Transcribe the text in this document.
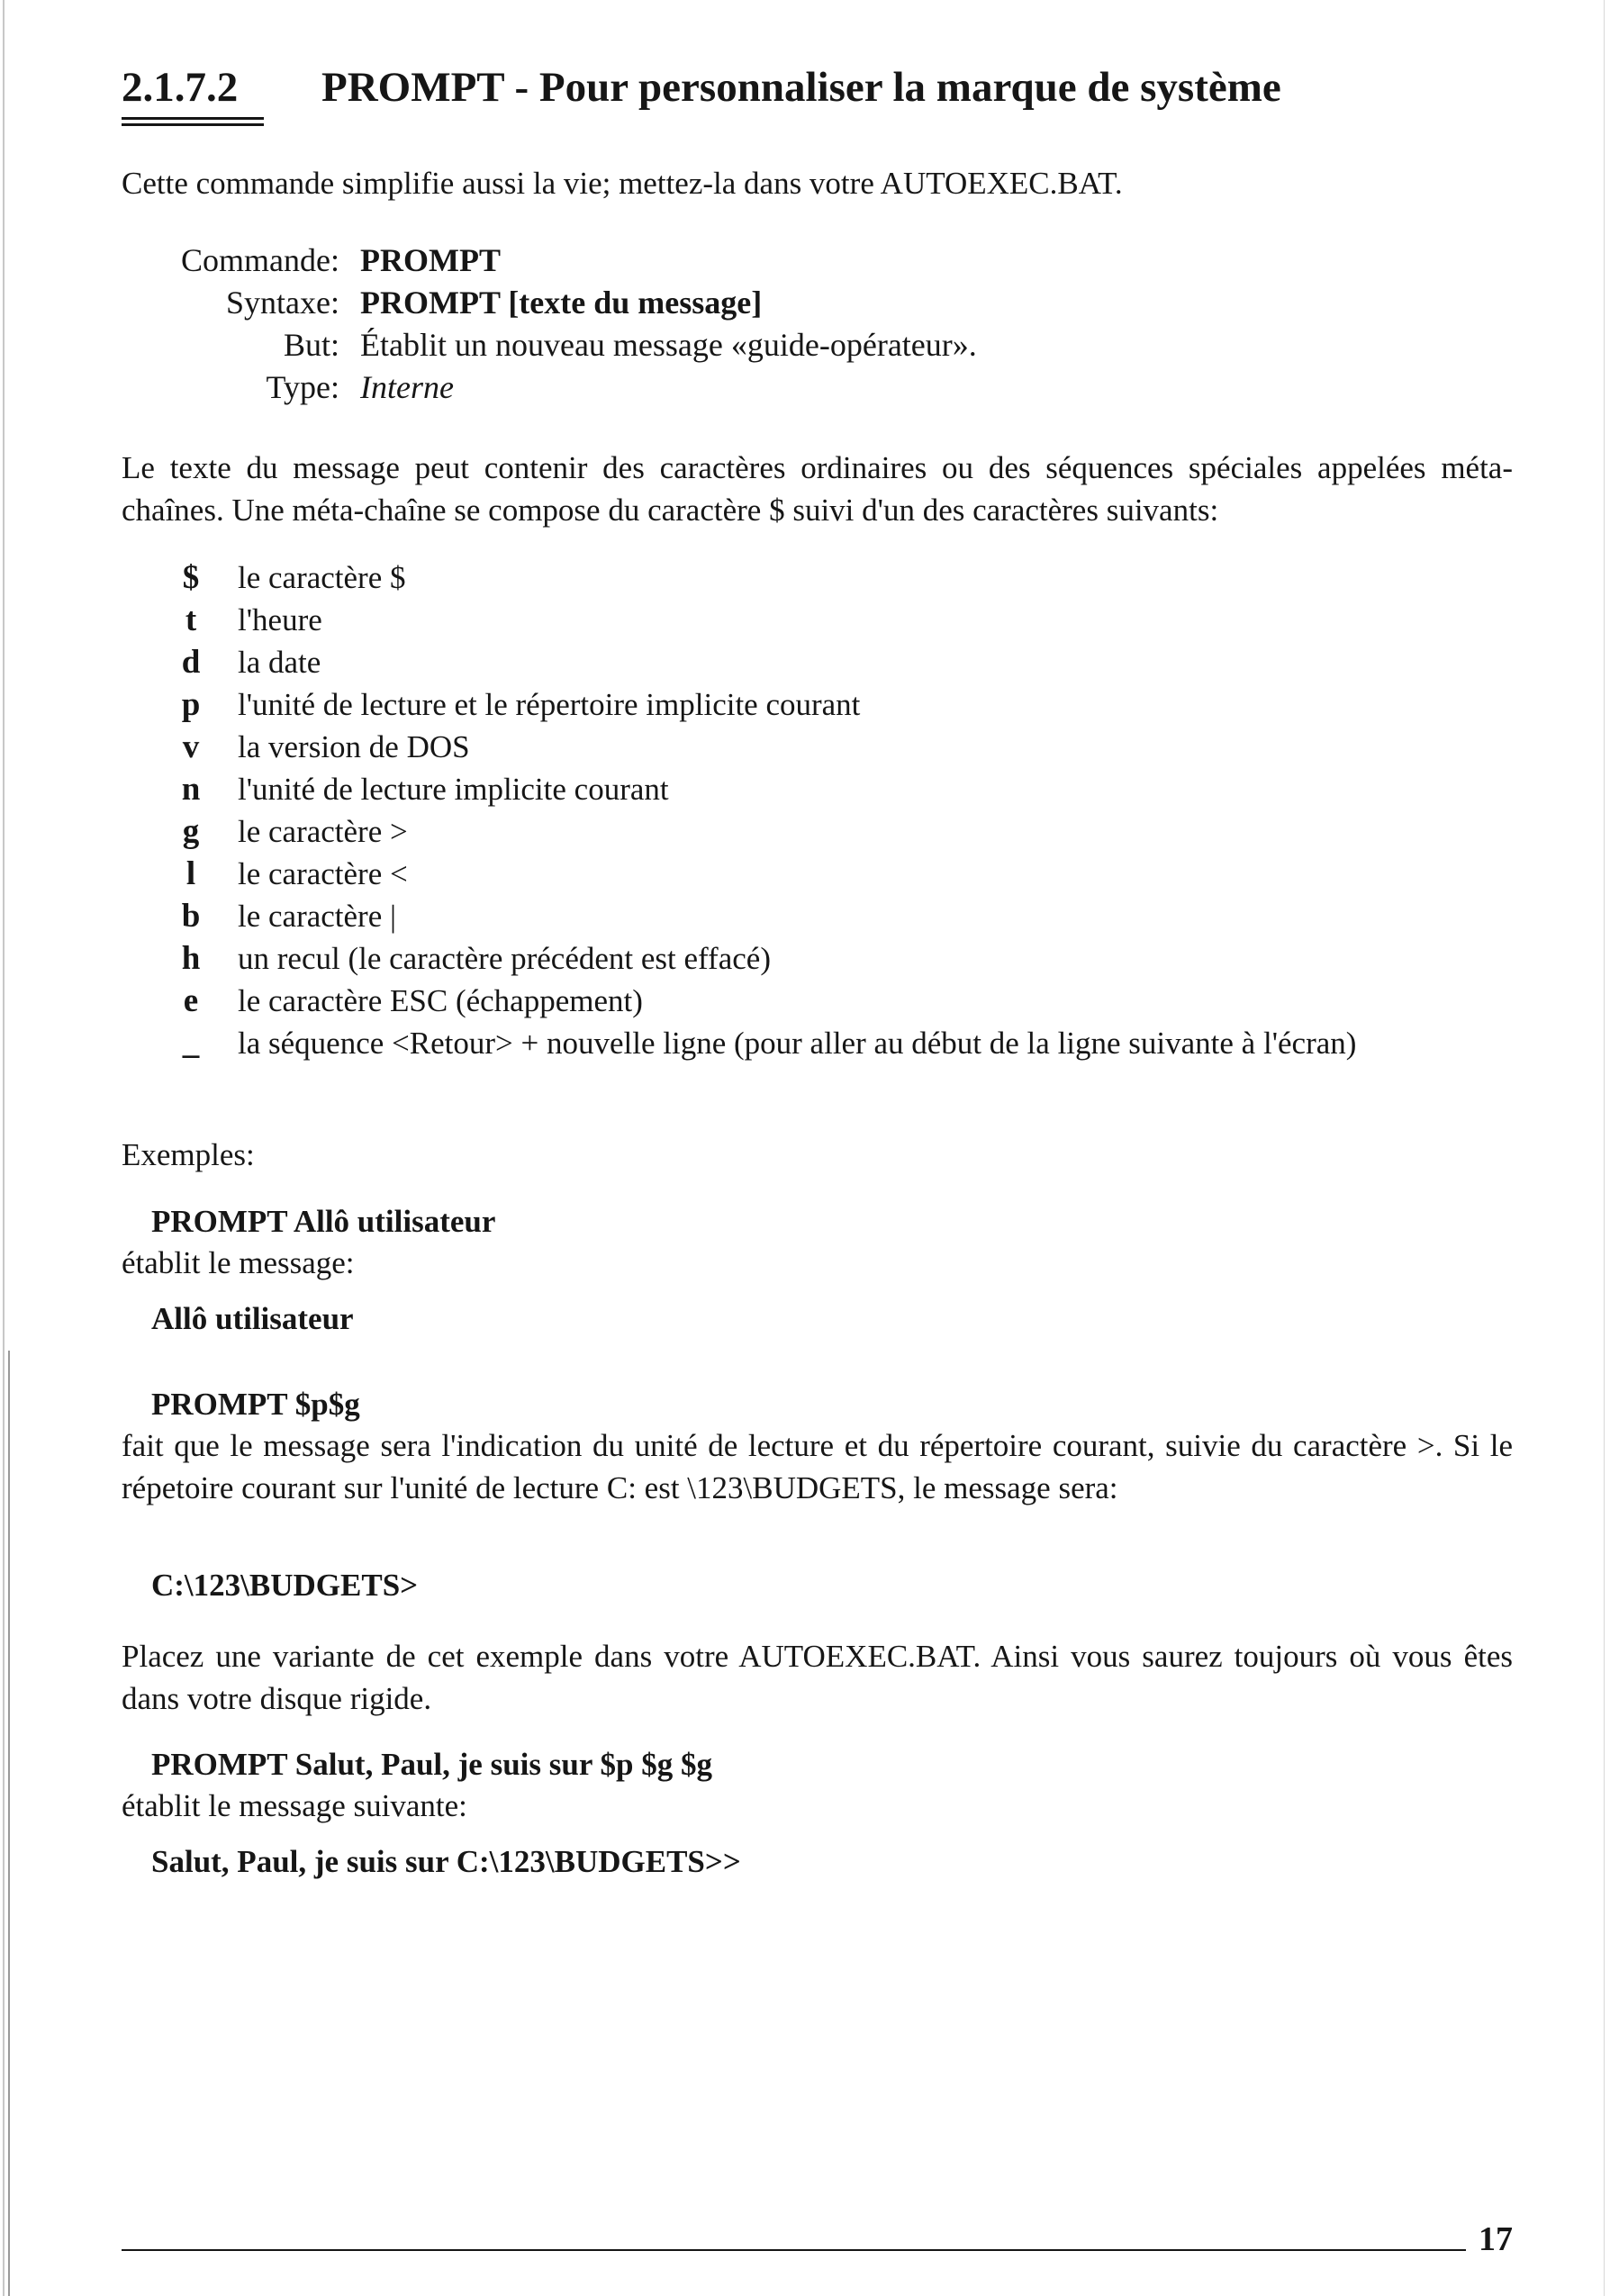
2.1.7.2 PROMPT - Pour personnaliser la marque de système

Cette commande simplifie aussi la vie; mettez-la dans votre AUTOEXEC.BAT.

Commande: PROMPT
Syntaxe: PROMPT [texte du message]
But: Établit un nouveau message «guide-opérateur».
Type: Interne

Le texte du message peut contenir des caractères ordinaires ou des séquences spéciales appelées méta-chaînes. Une méta-chaîne se compose du caractère $ suivi d'un des caractères suivants:

$	le caractère $
t	l'heure
d	la date
p	l'unité de lecture et le répertoire implicite courant
v	la version de DOS
n	l'unité de lecture implicite courant
g	le caractère >
l	le caractère <
b	le caractère |
h	un recul (le caractère précédent est effacé)
e	le caractère ESC (échappement)
_	la séquence <Retour> + nouvelle ligne (pour aller au début de la ligne suivante à l'écran)

Exemples:

PROMPT Allô utilisateur

établit le message:

Allô utilisateur

PROMPT $p$g

fait que le message sera l'indication du unité de lecture et du répertoire courant, suivie du caractère >. Si le répetoire courant sur l'unité de lecture C: est \123\BUDGETS, le message sera:

C:\123\BUDGETS>

Placez une variante de cet exemple dans votre AUTOEXEC.BAT. Ainsi vous saurez toujours où vous êtes dans votre disque rigide.

PROMPT Salut, Paul, je suis sur $p $g $g

établit le message suivante:

Salut, Paul, je suis sur C:\123\BUDGETS>>

17
